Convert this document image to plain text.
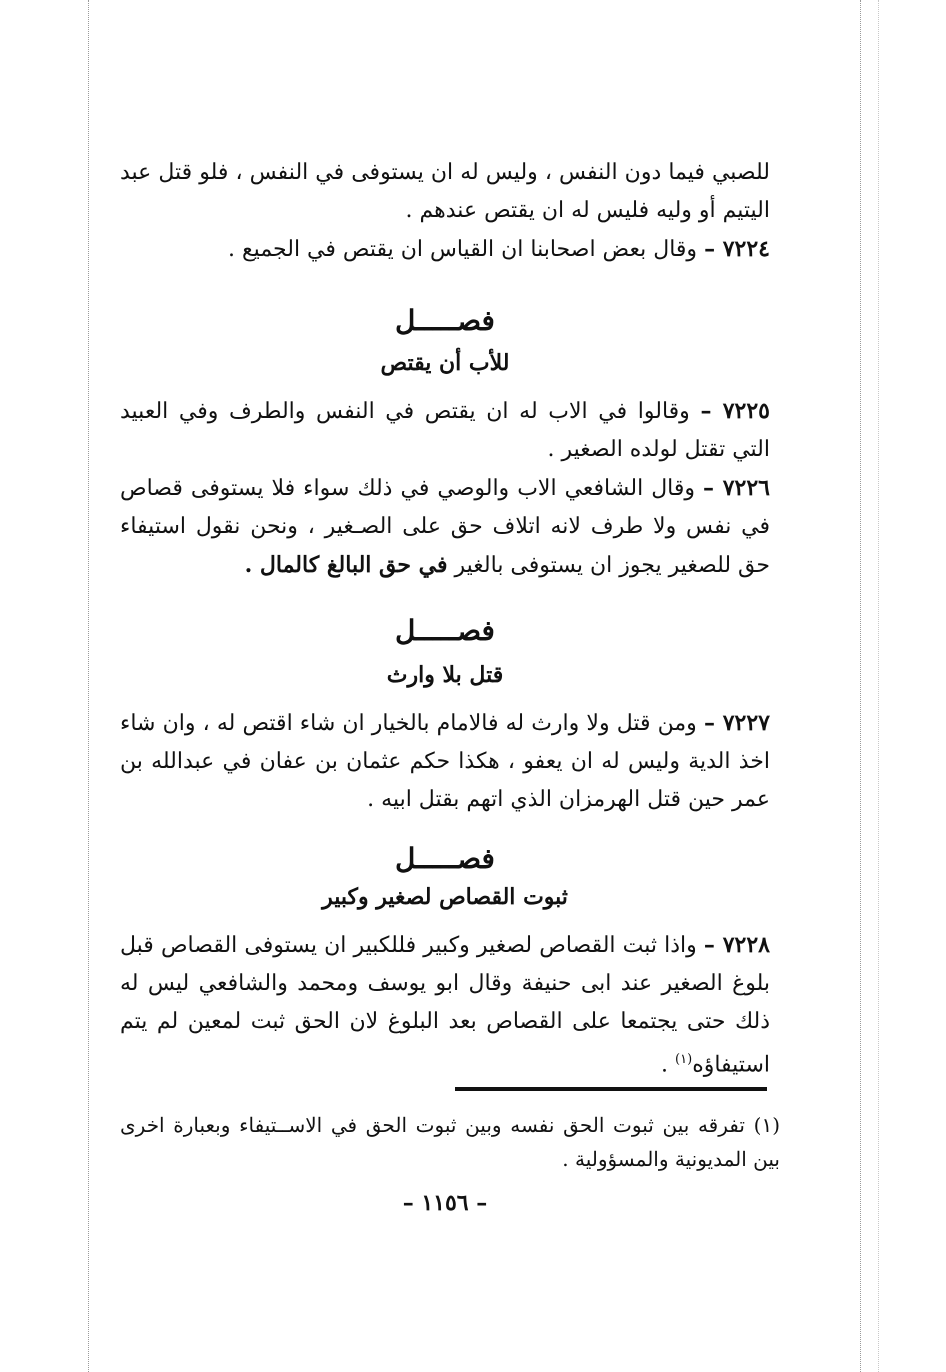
للصبي فيما دون النفس ، وليس له ان يستوفى في النفس ، فلو قتل عبد اليتيم أو وليه فليس له ان يقتص عندهم .

٧٢٢٤ – وقال بعض اصحابنا ان القياس ان يقتص في الجميع .

فصـــــل
للأب أن يقتص

٧٢٢٥ – وقالوا في الاب له ان يقتص في النفس والطرف وفي العبيد التي تقتل لولده الصغير .

٧٢٢٦ – وقال الشافعي الاب والوصي في ذلك سواء فلا يستوفى قصاص في نفس ولا طرف لانه اتلاف حق على الصـغير ، ونحن نقول استيفاء حق للصغير يجوز ان يستوفى بالغير في حق البالغ كالمال .

فصـــــل
قتل بلا وارث

٧٢٢٧ – ومن قتل ولا وارث له فالامام بالخيار ان شاء اقتص له ، وان شاء اخذ الدية وليس له ان يعفو ، هكذا حكم عثمان بن عفان في عبدالله بن عمر حين قتل الهرمزان الذي اتهم بقتل ابيه .

فصـــــل
ثبوت القصاص لصغير وكبير

٧٢٢٨ – واذا ثبت القصاص لصغير وكبير فللكبير ان يستوفى القصاص قبل بلوغ الصغير عند ابى حنيفة وقال ابو يوسف ومحمد والشافعي ليس له ذلك حتى يجتمعا على القصاص بعد البلوغ لان الحق ثبت لمعين لم يتم استيفاؤه$^{(١)}$ .

(١) تفرقه بين ثبوت الحق نفسه وبين ثبوت الحق في الاســتيفاء وبعبارة اخرى بين المديونية والمسؤولية .
– ١١٥٦ –
